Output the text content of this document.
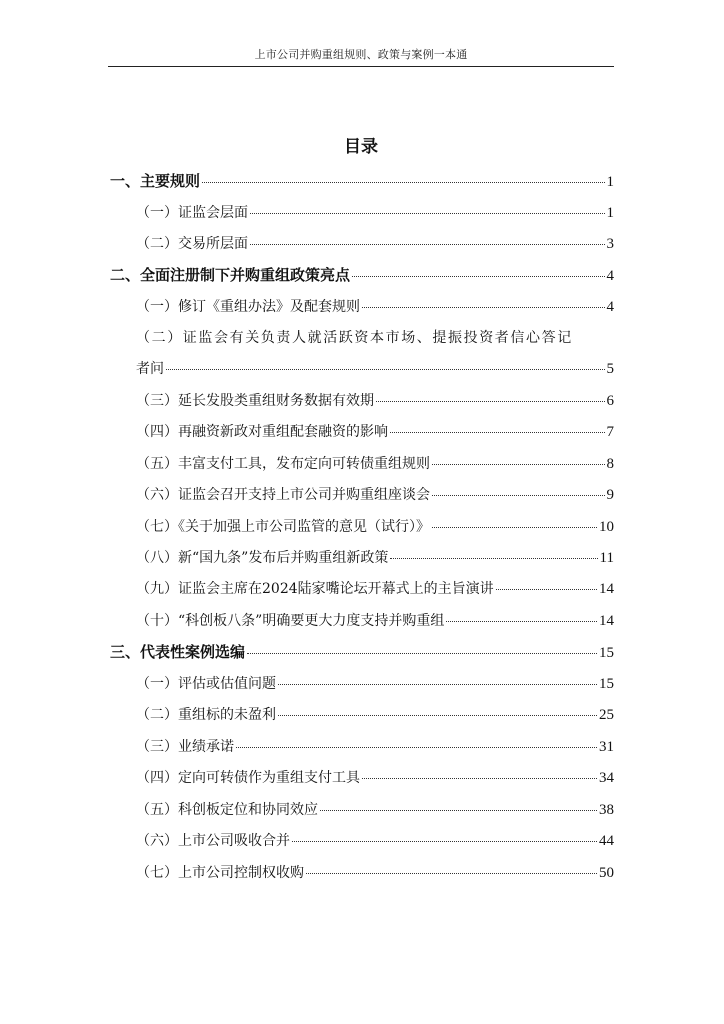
上市公司并购重组规则、政策与案例一本通
目录
一、主要规则	1
（一）证监会层面	1
（二）交易所层面	3
二、全面注册制下并购重组政策亮点	4
（一）修订《重组办法》及配套规则	4
（二）证监会有关负责人就活跃资本市场、提振投资者信心答记
者问	5
（三）延长发股类重组财务数据有效期	6
（四）再融资新政对重组配套融资的影响	7
（五）丰富支付工具，发布定向可转债重组规则	8
（六）证监会召开支持上市公司并购重组座谈会	9
（七）《关于加强上市公司监管的意见（试行）》	10
（八）新“国九条”发布后并购重组新政策	11
（九）证监会主席在2024陆家嘴论坛开幕式上的主旨演讲	14
（十）“科创板八条”明确要更大力度支持并购重组	14
三、代表性案例选编	15
（一）评估或估值问题	15
（二）重组标的未盈利	25
（三）业绩承诺	31
（四）定向可转债作为重组支付工具	34
（五）科创板定位和协同效应	38
（六）上市公司吸收合并	44
（七）上市公司控制权收购	50
